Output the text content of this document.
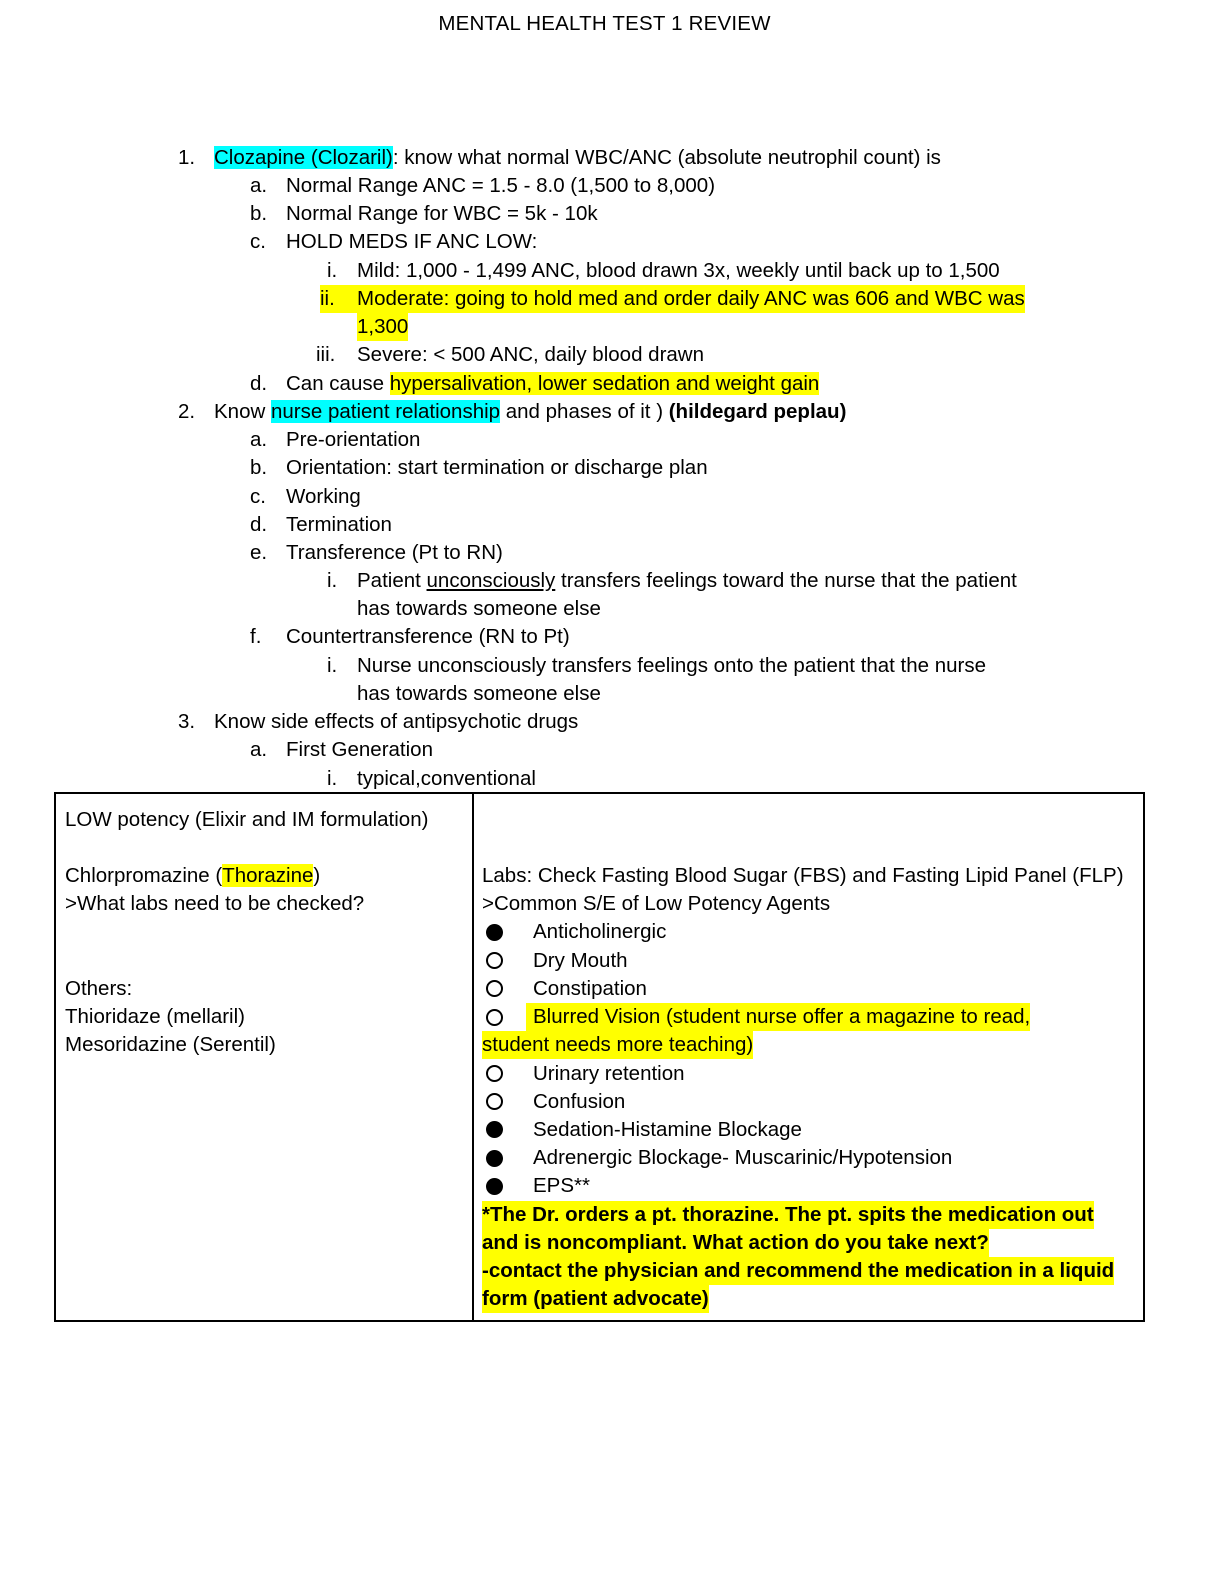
MENTAL HEALTH TEST 1 REVIEW
1. Clozapine (Clozaril): know what normal WBC/ANC (absolute neutrophil count) is
a. Normal Range ANC = 1.5 - 8.0 (1,500 to 8,000)
b. Normal Range for WBC = 5k - 10k
c. HOLD MEDS IF ANC LOW:
i. Mild: 1,000 - 1,499 ANC, blood drawn 3x, weekly until back up to 1,500
ii. Moderate: going to hold med and order daily ANC was 606 and WBC was
1,300
iii. Severe: < 500 ANC, daily blood drawn
d. Can cause hypersalivation, lower sedation and weight gain
2. Know nurse patient relationship and phases of it ) (hildegard peplau)
a. Pre-orientation
b. Orientation: start termination or discharge plan
c. Working
d. Termination
e. Transference (Pt to RN)
i. Patient unconsciously transfers feelings toward the nurse that the patient
has towards someone else
f. Countertransference (RN to Pt)
i. Nurse unconsciously transfers feelings onto the patient that the nurse
has towards someone else
3. Know side effects of antipsychotic drugs
a. First Generation
i. typical,conventional
LOW potency (Elixir and IM formulation)
Chlorpromazine (Thorazine)
>What labs need to be checked?
Others:
Thioridaze (mellaril)
Mesoridazine (Serentil)
Labs: Check Fasting Blood Sugar (FBS) and Fasting Lipid Panel (FLP)
>Common S/E of Low Potency Agents
Anticholinergic
Dry Mouth
Constipation
Blurred Vision (student nurse offer a magazine to read,
student needs more teaching)
Urinary retention
Confusion
Sedation-Histamine Blockage
Adrenergic Blockage- Muscarinic/Hypotension
EPS**
*The Dr. orders a pt. thorazine. The pt. spits the medication out
and is noncompliant. What action do you take next?
-contact the physician and recommend the medication in a liquid
form (patient advocate)
